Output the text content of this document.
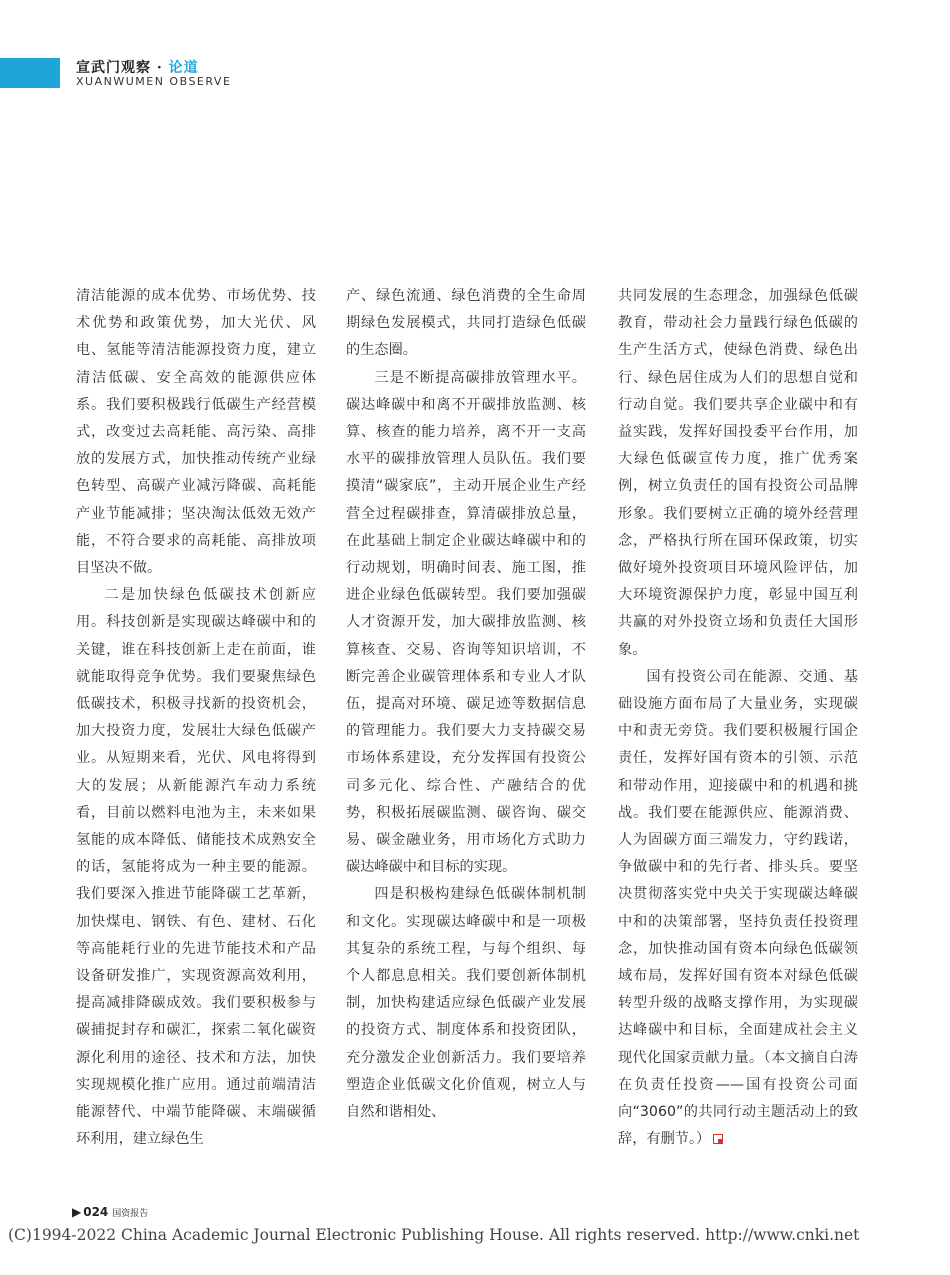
宣武门观察 · 论道
XUANWUMEN OBSERVE

清洁能源的成本优势、市场优势、技术优势和政策优势，加大光伏、风电、氢能等清洁能源投资力度，建立清洁低碳、安全高效的能源供应体系。我们要积极践行低碳生产经营模式，改变过去高耗能、高污染、高排放的发展方式，加快推动传统产业绿色转型、高碳产业减污降碳、高耗能产业节能减排；坚决淘汰低效无效产能，不符合要求的高耗能、高排放项目坚决不做。

二是加快绿色低碳技术创新应用。科技创新是实现碳达峰碳中和的关键，谁在科技创新上走在前面，谁就能取得竞争优势。我们要聚焦绿色低碳技术，积极寻找新的投资机会，加大投资力度，发展壮大绿色低碳产业。从短期来看，光伏、风电将得到大的发展；从新能源汽车动力系统看，目前以燃料电池为主，未来如果氢能的成本降低、储能技术成熟安全的话，氢能将成为一种主要的能源。我们要深入推进节能降碳工艺革新，加快煤电、钢铁、有色、建材、石化等高能耗行业的先进节能技术和产品设备研发推广，实现资源高效利用，提高减排降碳成效。我们要积极参与碳捕捉封存和碳汇，探索二氧化碳资源化利用的途径、技术和方法，加快实现规模化推广应用。通过前端清洁能源替代、中端节能降碳、末端碳循环利用，建立绿色生

产、绿色流通、绿色消费的全生命周期绿色发展模式，共同打造绿色低碳的生态圈。

三是不断提高碳排放管理水平。碳达峰碳中和离不开碳排放监测、核算、核查的能力培养，离不开一支高水平的碳排放管理人员队伍。我们要摸清“碳家底”，主动开展企业生产经营全过程碳排查，算清碳排放总量，在此基础上制定企业碳达峰碳中和的行动规划，明确时间表、施工图，推进企业绿色低碳转型。我们要加强碳人才资源开发，加大碳排放监测、核算核查、交易、咨询等知识培训，不断完善企业碳管理体系和专业人才队伍，提高对环境、碳足迹等数据信息的管理能力。我们要大力支持碳交易市场体系建设，充分发挥国有投资公司多元化、综合性、产融结合的优势，积极拓展碳监测、碳咨询、碳交易、碳金融业务，用市场化方式助力碳达峰碳中和目标的实现。

四是积极构建绿色低碳体制机制和文化。实现碳达峰碳中和是一项极其复杂的系统工程，与每个组织、每个人都息息相关。我们要创新体制机制，加快构建适应绿色低碳产业发展的投资方式、制度体系和投资团队，充分激发企业创新活力。我们要培养塑造企业低碳文化价值观，树立人与自然和谐相处、

共同发展的生态理念，加强绿色低碳教育，带动社会力量践行绿色低碳的生产生活方式，使绿色消费、绿色出行、绿色居住成为人们的思想自觉和行动自觉。我们要共享企业碳中和有益实践，发挥好国投委平台作用，加大绿色低碳宣传力度，推广优秀案例，树立负责任的国有投资公司品牌形象。我们要树立正确的境外经营理念，严格执行所在国环保政策，切实做好境外投资项目环境风险评估，加大环境资源保护力度，彰显中国互利共赢的对外投资立场和负责任大国形象。

国有投资公司在能源、交通、基础设施方面布局了大量业务，实现碳中和责无旁贷。我们要积极履行国企责任，发挥好国有资本的引领、示范和带动作用，迎接碳中和的机遇和挑战。我们要在能源供应、能源消费、人为固碳方面三端发力，守约践诺，争做碳中和的先行者、排头兵。要坚决贯彻落实党中央关于实现碳达峰碳中和的决策部署，坚持负责任投资理念，加快推动国有资本向绿色低碳领域布局，发挥好国有资本对绿色低碳转型升级的战略支撑作用，为实现碳达峰碳中和目标，全面建成社会主义现代化国家贡献力量。（本文摘自白涛在负责任投资——国有投资公司面向“3060”的共同行动主题活动上的致辞，有删节。）

▶ 024 国资报告
(C)1994-2022 China Academic Journal Electronic Publishing House. All rights reserved. http://www.cnki.net
